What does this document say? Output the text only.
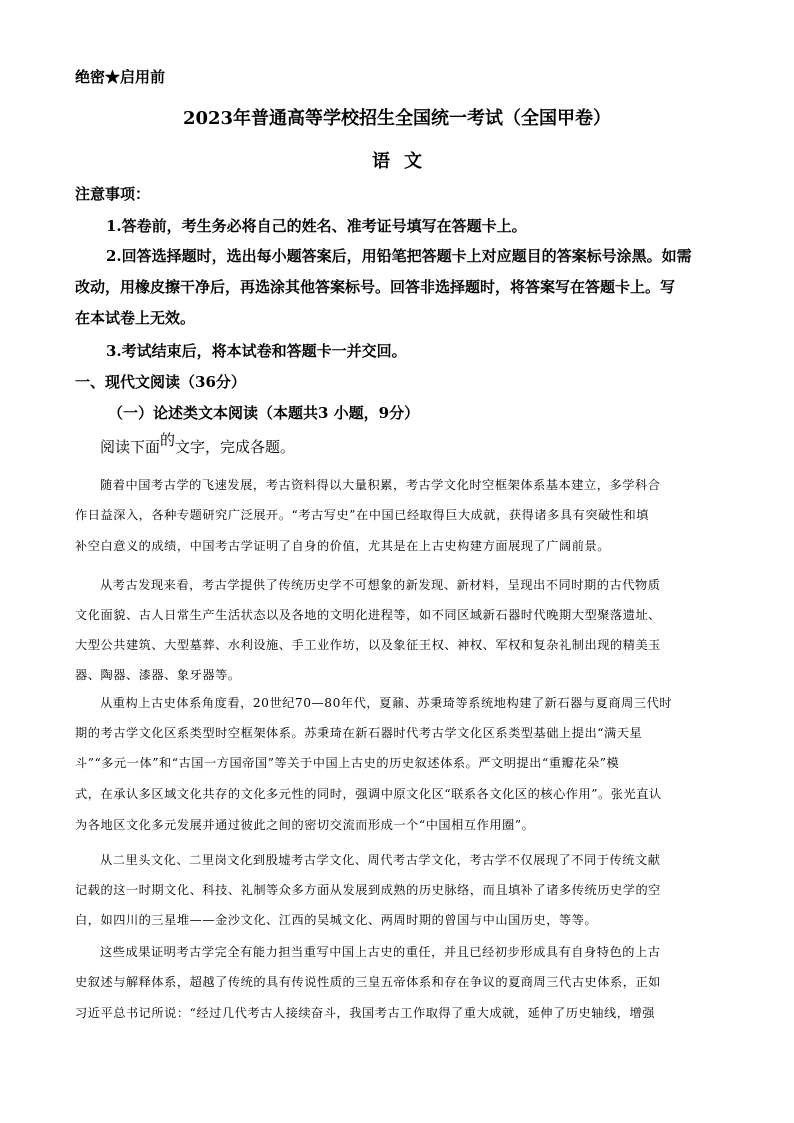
绝密★启用前
2023年普通高等学校招生全国统一考试（全国甲卷）
语文
注意事项：
1.答卷前，考生务必将自己的姓名、准考证号填写在答题卡上。
2.回答选择题时，选出每小题答案后，用铅笔把答题卡上对应题目的答案标号涂黑。如需
改动，用橡皮擦干净后，再选涂其他答案标号。回答非选择题时，将答案写在答题卡上。写
在本试卷上无效。
3.考试结束后，将本试卷和答题卡一并交回。
一、现代文阅读（36分）
（一）论述类文本阅读（本题共3 小题，9分）
阅读下面的文字，完成各题。
随着中国考古学的飞速发展，考古资料得以大量积累，考古学文化时空框架体系基本建立，多学科合
作日益深入，各种专题研究广泛展开。“考古写史”在中国已经取得巨大成就，获得诸多具有突破性和填
补空白意义的成绩，中国考古学证明了自身的价值，尤其是在上古史构建方面展现了广阔前景。
从考古发现来看，考古学提供了传统历史学不可想象的新发现、新材料，呈现出不同时期的古代物质
文化面貌、古人日常生产生活状态以及各地的文明化进程等，如不同区域新石器时代晚期大型聚落遗址、
大型公共建筑、大型墓葬、水利设施、手工业作坊，以及象征王权、神权、军权和复杂礼制出现的精美玉
器、陶器、漆器、象牙器等。
从重构上古史体系角度看，20世纪70—80年代，夏鼐、苏秉琦等系统地构建了新石器与夏商周三代时
期的考古学文化区系类型时空框架体系。苏秉琦在新石器时代考古学文化区系类型基础上提出“满天星
斗”“多元一体”和“古国一方国帝国”等关于中国上古史的历史叙述体系。严文明提出“重瓣花朵”模
式，在承认多区域文化共存的文化多元性的同时，强调中原文化区“联系各文化区的核心作用”。张光直认
为各地区文化多元发展并通过彼此之间的密切交流而形成一个“中国相互作用圈”。
从二里头文化、二里岗文化到殷墟考古学文化、周代考古学文化，考古学不仅展现了不同于传统文献
记载的这一时期文化、科技、礼制等众多方面从发展到成熟的历史脉络，而且填补了诸多传统历史学的空
白，如四川的三星堆——金沙文化、江西的吴城文化、两周时期的曾国与中山国历史，等等。
这些成果证明考古学完全有能力担当重写中国上古史的重任，并且已经初步形成具有自身特色的上古
史叙述与解释体系，超越了传统的具有传说性质的三皇五帝体系和存在争议的夏商周三代古史体系，正如
习近平总书记所说：“经过几代考古人接续奋斗，我国考古工作取得了重大成就，延伸了历史轴线，增强
